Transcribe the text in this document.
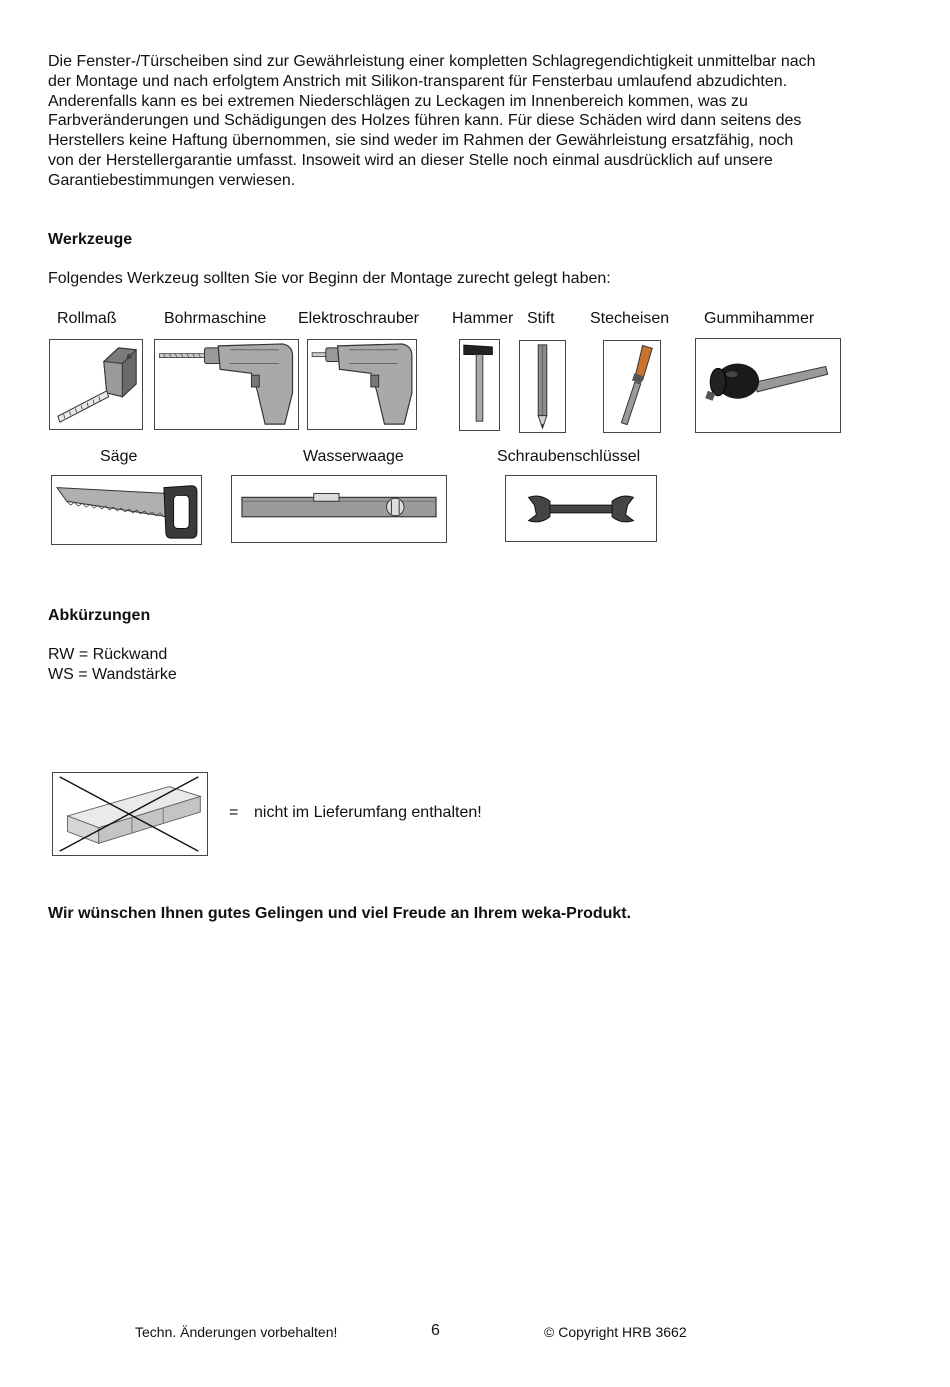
Die Fenster-/Türscheiben sind zur Gewährleistung einer kompletten Schlagregendichtigkeit unmittelbar nach
der Montage und nach erfolgtem Anstrich mit Silikon-transparent für Fensterbau umlaufend abzudichten.
Anderenfalls kann es bei extremen Niederschlägen zu Leckagen im Innenbereich kommen, was zu
Farbveränderungen und Schädigungen des Holzes führen kann. Für diese Schäden wird dann seitens des
Herstellers keine Haftung übernommen, sie sind weder im Rahmen der Gewährleistung ersatzfähig, noch
von der Herstellergarantie umfasst. Insoweit wird an dieser Stelle noch einmal ausdrücklich auf unsere
Garantiebestimmungen verwiesen.
Werkzeuge
Folgendes Werkzeug sollten Sie vor Beginn der Montage zurecht gelegt haben:
Rollmaß	Bohrmaschine Elektroschrauber Hammer Stift Stecheisen Gummihammer
Säge	Wasserwaage	Schraubenschlüssel
Abkürzungen
RW = Rückwand
WS = Wandstärke
= nicht im Lieferumfang enthalten!
Wir wünschen Ihnen gutes Gelingen und viel Freude an Ihrem weka-Produkt.
Techn. Änderungen vorbehalten!	6	© Copyright HRB 3662
